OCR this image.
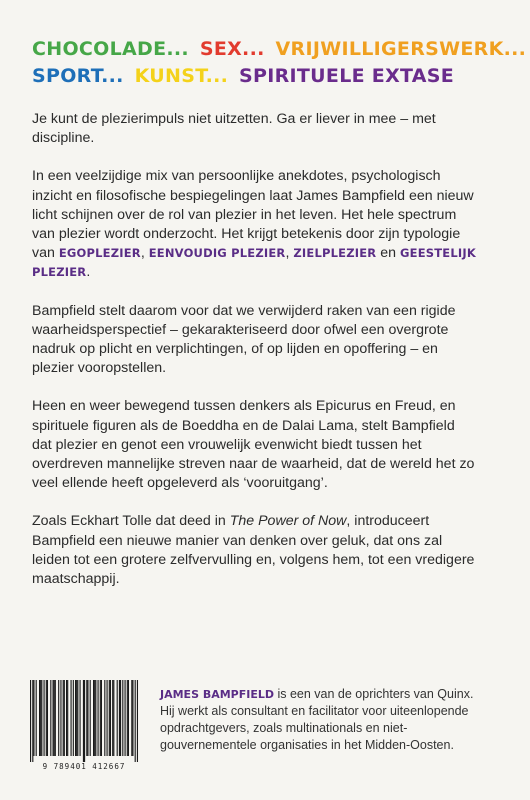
CHOCOLADE... SEX... VRIJWILLIGERSWERK...
SPORT... KUNST... SPIRITUELE EXTASE

Je kunt de plezierimpuls niet uitzetten. Ga er liever in mee – met discipline.

In een veelzijdige mix van persoonlijke anekdotes, psychologisch inzicht en filosofische bespiegelingen laat James Bampfield een nieuw licht schijnen over de rol van plezier in het leven. Het hele spectrum van plezier wordt onderzocht. Het krijgt betekenis door zijn typologie van EGOPLEZIER, EENVOUDIG PLEZIER, ZIELPLEZIER en GEESTELIJK PLEZIER.

Bampfield stelt daarom voor dat we verwijderd raken van een rigide waarheidsperspectief – gekarakteriseerd door ofwel een overgrote nadruk op plicht en verplichtingen, of op lijden en opoffering – en plezier vooropstellen.

Heen en weer bewegend tussen denkers als Epicurus en Freud, en spirituele figuren als de Boeddha en de Dalai Lama, stelt Bampfield dat plezier en genot een vrouwelijk evenwicht biedt tussen het overdreven mannelijke streven naar de waarheid, dat de wereld het zo veel ellende heeft opgeleverd als ‘vooruitgang’.

Zoals Eckhart Tolle dat deed in The Power of Now, introduceert Bampfield een nieuwe manier van denken over geluk, dat ons zal leiden tot een grotere zelfvervulling en, volgens hem, tot een vredigere maatschappij.

9 789401 412667
JAMES BAMPFIELD is een van de oprichters van Quinx. Hij werkt als consultant en facilitator voor uiteenlopende opdrachtgevers, zoals multinationals en niet-gouvernementele organisaties in het Midden-Oosten.
